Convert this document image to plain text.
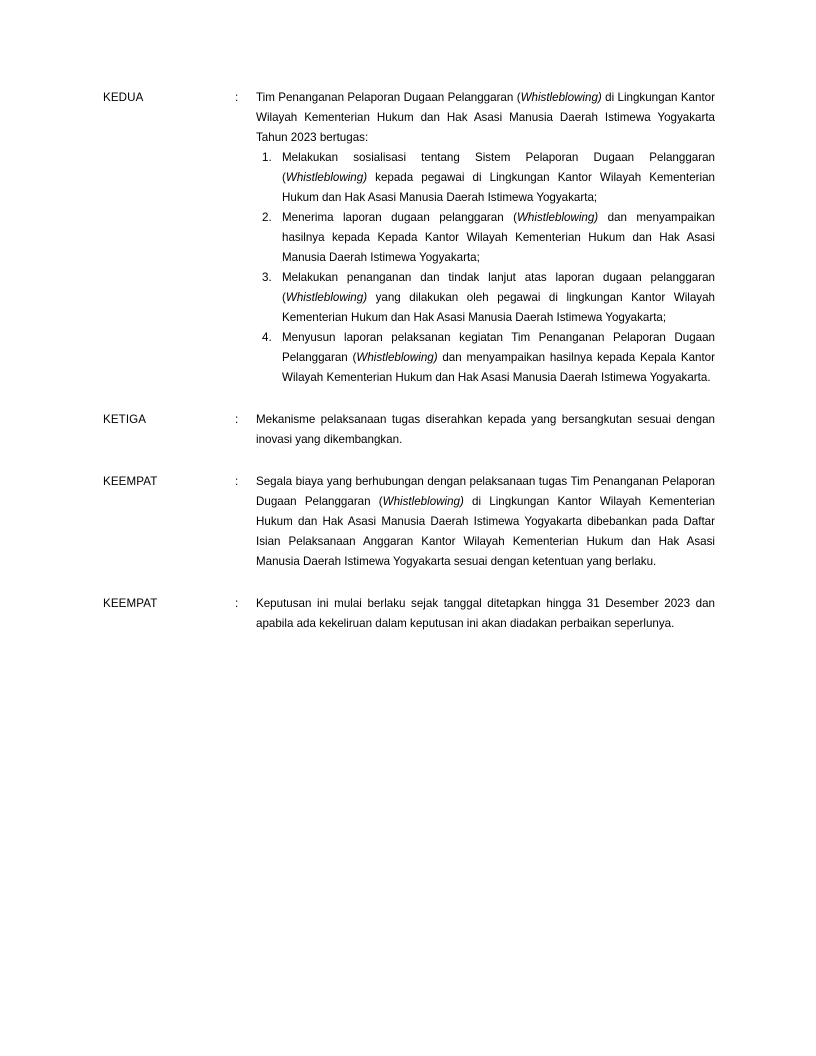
KEDUA	:	Tim Penanganan Pelaporan Dugaan Pelanggaran (Whistleblowing) di Lingkungan Kantor Wilayah Kementerian Hukum dan Hak Asasi Manusia Daerah Istimewa Yogyakarta Tahun 2023 bertugas:

1. Melakukan sosialisasi tentang Sistem Pelaporan Dugaan Pelanggaran (Whistleblowing) kepada pegawai di Lingkungan Kantor Wilayah Kementerian Hukum dan Hak Asasi Manusia Daerah Istimewa Yogyakarta;
2. Menerima laporan dugaan pelanggaran (Whistleblowing) dan menyampaikan hasilnya kepada Kepada Kantor Wilayah Kementerian Hukum dan Hak Asasi Manusia Daerah Istimewa Yogyakarta;
3. Melakukan penanganan dan tindak lanjut atas laporan dugaan pelanggaran (Whistleblowing) yang dilakukan oleh pegawai di lingkungan Kantor Wilayah Kementerian Hukum dan Hak Asasi Manusia Daerah Istimewa Yogyakarta;
4. Menyusun laporan pelaksanan kegiatan Tim Penanganan Pelaporan Dugaan Pelanggaran (Whistleblowing) dan menyampaikan hasilnya kepada Kepala Kantor Wilayah Kementerian Hukum dan Hak Asasi Manusia Daerah Istimewa Yogyakarta.
KETIGA	:	Mekanisme pelaksanaan tugas diserahkan kepada yang bersangkutan sesuai dengan inovasi yang dikembangkan.

KEEMPAT	:	Segala biaya yang berhubungan dengan pelaksanaan tugas Tim Penanganan Pelaporan Dugaan Pelanggaran (Whistleblowing) di Lingkungan Kantor Wilayah Kementerian Hukum dan Hak Asasi Manusia Daerah Istimewa Yogyakarta dibebankan pada Daftar Isian Pelaksanaan Anggaran Kantor Wilayah Kementerian Hukum dan Hak Asasi Manusia Daerah Istimewa Yogyakarta sesuai dengan ketentuan yang berlaku.

KEEMPAT	:	Keputusan ini mulai berlaku sejak tanggal ditetapkan hingga 31 Desember 2023 dan apabila ada kekeliruan dalam keputusan ini akan diadakan perbaikan seperlunya.
